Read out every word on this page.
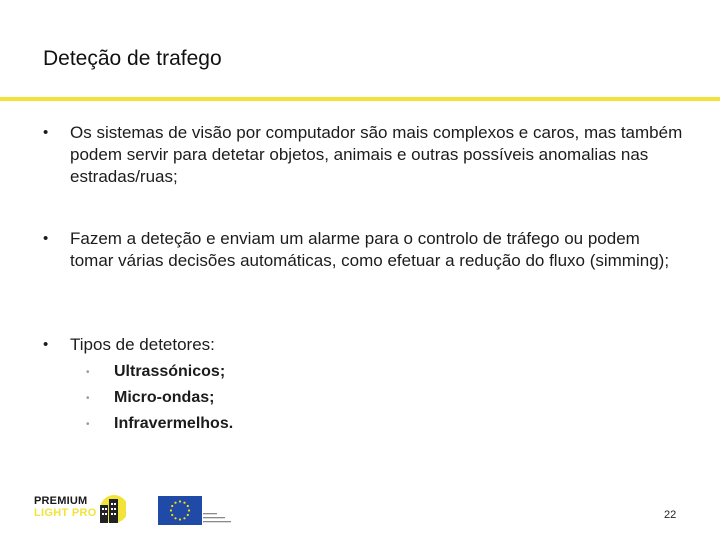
Deteção de trafego
•	Os sistemas de visão por computador são mais complexos e caros, mas também podem servir para detetar objetos, animais e outras possíveis anomalias nas estradas/ruas;
•	Fazem a deteção e enviam um alarme para o controlo de tráfego ou podem tomar várias decisões automáticas, como efetuar a redução do fluxo (simming);
•	Tipos de detetores:
•	Ultrassónicos;
•	Micro-ondas;
•	Infravermelhos.
PREMIUM
LIGHT PRO	22
